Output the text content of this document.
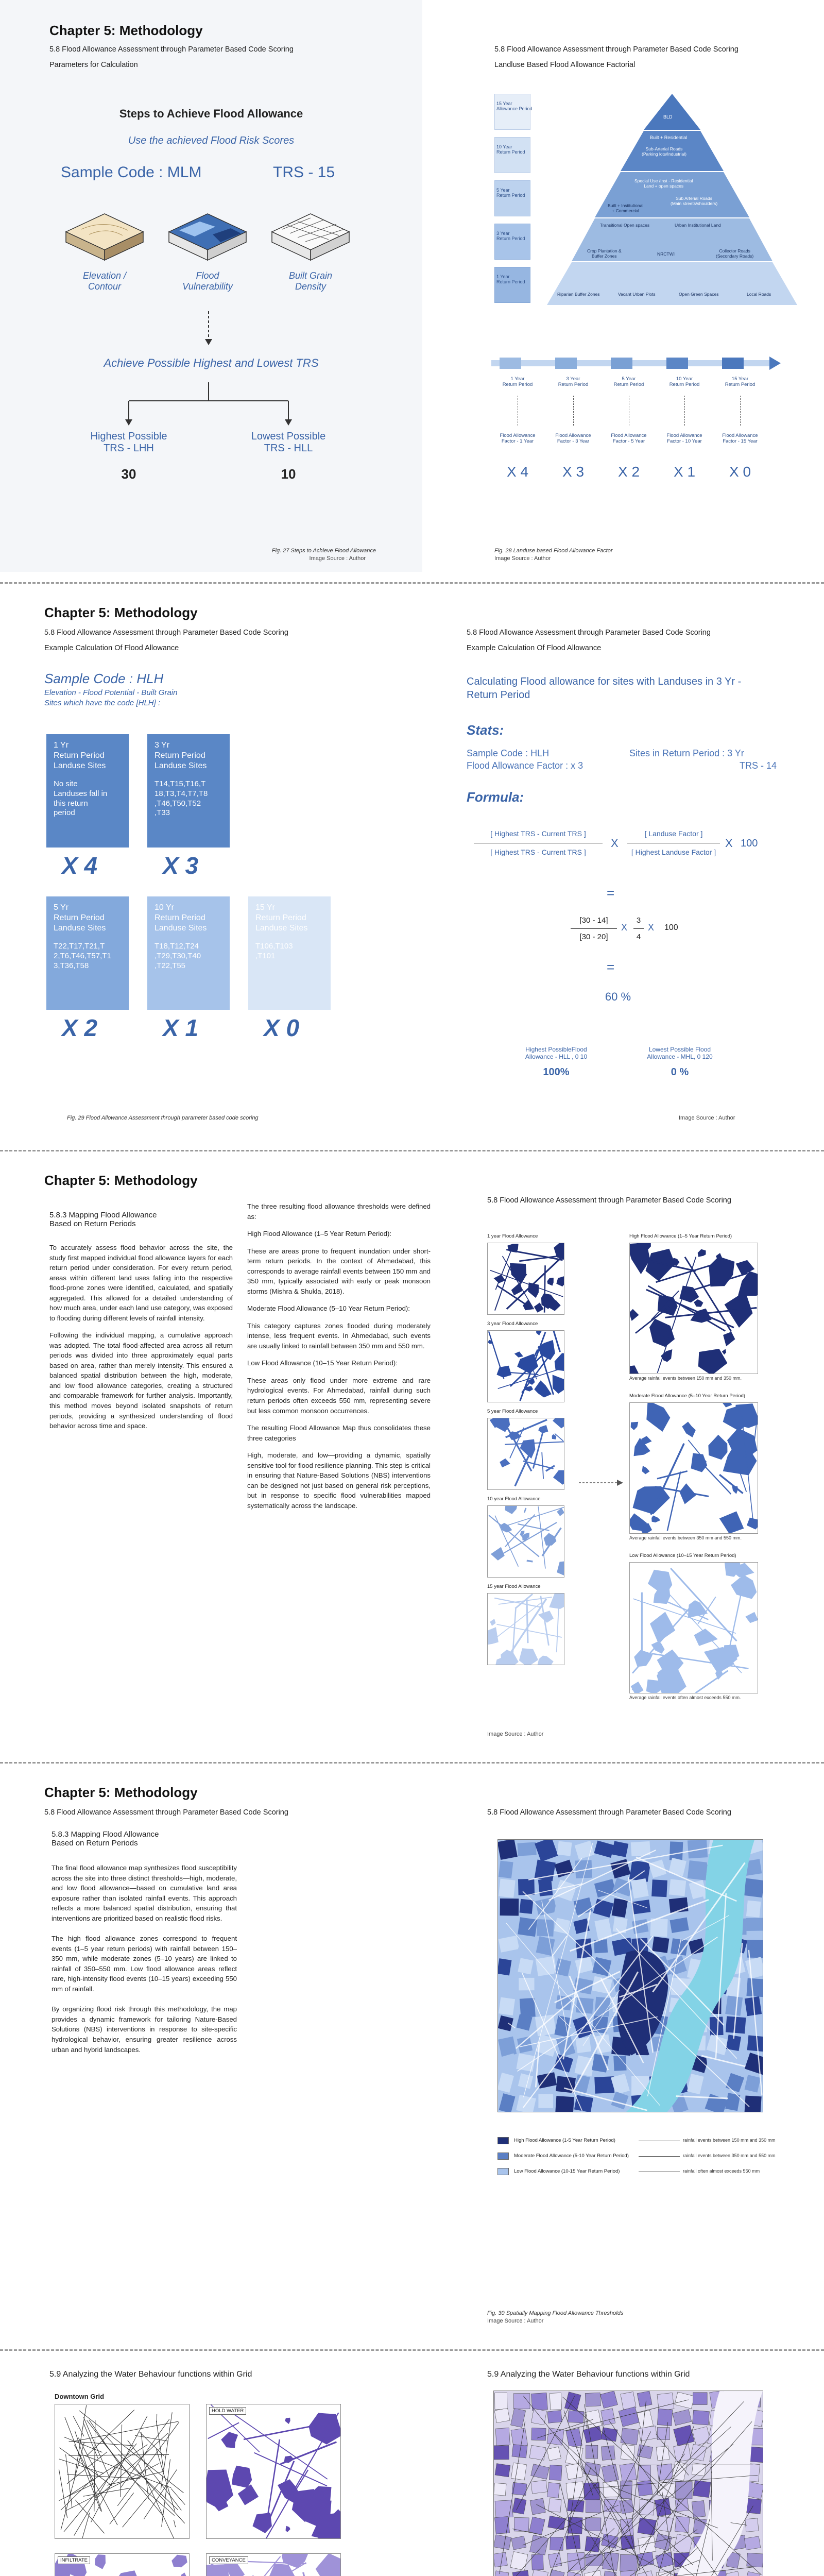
Chapter 5: Methodology
5.8 Flood Allowance Assessment through Parameter Based Code Scoring
Parameters for Calculation
Steps to Achieve Flood Allowance
Use the achieved Flood Risk Scores
Sample Code : MLM	TRS - 15
Elevation /
Contour
Flood
Vulnerability
Built Grain
Density
Achieve Possible Highest and Lowest TRS
Highest Possible
TRS - LHH
30
Lowest Possible
TRS - HLL
10
Fig. 27 Steps to Achieve Flood Allowance
Image Source : Author
5.8 Flood Allowance Assessment through Parameter Based Code Scoring
Landluse Based Flood Allowance Factorial
15 Year
Allowance Period
10 Year
Return Period
5 Year
Return Period
3 Year
Return Period
1 Year
Return Period
BLD
Built + Residential
Sub-Arterial Roads
(Parking lots/Industrial)
Special Use /Inst - Residential
Land + open spaces
Sub Arterial Roads
(Main streets/shoulders)
Built + Institutional
+ Commercial
Urban Institutional Land
Transitional Open spaces
Crop Plantation &
Buffer Zones	NRCTWI
Collector Roads
(Secondary Roads)
Riparian Buffer Zones	Vacant Urban Plots	Open Green Spaces	Local Roads
Fig. 28 Landuse based Flood Allowance Factor
Image Source : Author
1 Year
Return Period
Flood Allowance
Factor - 1 Year
X 4
3 Year
Return Period
Flood Allowance
Factor - 3 Year
X 3
5 Year
Return Period
Flood Allowance
Factor - 5 Year
X 2
10 Year
Return Period
Flood Allowance
Factor - 10 Year
X 1
15 Year
Return Period
Flood Allowance
Factor - 15 Year
X 0
Chapter 5: Methodology
5.8 Flood Allowance Assessment through Parameter Based Code Scoring
Example Calculation Of Flood Allowance
Sample Code : HLH
Elevation - Flood Potential - Built Grain
Sites which have the code [HLH] :
Fig. 29 Flood Allowance Assessment through parameter based code scoring
5.8 Flood Allowance Assessment through Parameter Based Code Scoring
Example Calculation Of Flood Allowance
Calculating Flood allowance for sites with Landuses in 3 Yr - Return Period
Stats:
Sample Code : HLH
Flood Allowance Factor : x 3
Sites in Return Period : 3 Yr
TRS - 14
Formula:
[ Highest TRS - Current TRS ]
[ Highest TRS - Current TRS ]
X
[ Landuse Factor ]
[ Highest Landuse Factor ]
X 100
=
[30 - 14]
[30 - 20]
X
3
4
X 100
=
60 %
Highest PossibleFlood
Allowance - HLL , 0 10
100%
Lowest Possible Flood
Allowance - MHL, 0 120
0 %
Image Source : Author
1 Yr
Return Period
Landuse Sites
No site
Landuses fall in
this return
period
X 4
3 Yr
Return Period
Landuse Sites
T14,T15,T16,T
18,T3,T4,T7,T8
,T46,T50,T52
,T33
X 3
5 Yr
Return Period
Landuse Sites
T22,T17,T21,T
2,T6,T46,T57,T1
3,T36,T58
X 2
10 Yr
Return Period
Landuse Sites
T18,T12,T24
,T29,T30,T40
,T22,T55
X 1
15 Yr
Return Period
Landuse Sites
T106,T103
,T101
X 0
Chapter 5: Methodology
5.8.3 Mapping Flood Allowance
Based on Return Periods

To accurately assess flood behavior across the site, the study first mapped individual flood allowance layers for each return period under consideration. For every return period, areas within different land uses falling into the respective flood-prone zones were identified, calculated, and spatially aggregated. This allowed for a detailed understanding of how much area, under each land use category, was exposed to flooding during different levels of rainfall intensity.

Following the individual mapping, a cumulative approach was adopted. The total flood-affected area across all return periods was divided into three approximately equal parts based on area, rather than merely intensity. This ensured a balanced spatial distribution between the high, moderate, and low flood allowance categories, creating a structured and comparable framework for further analysis. Importantly, this method moves beyond isolated snapshots of return periods, providing a synthesized understanding of flood behavior across time and space.

The three resulting flood allowance thresholds were defined as:

High Flood Allowance (1–5 Year Return Period):

These are areas prone to frequent inundation under short-term return periods. In the context of Ahmedabad, this corresponds to average rainfall events between 150 mm and 350 mm, typically associated with early or peak monsoon storms (Mishra & Shukla, 2018).

Moderate Flood Allowance (5–10 Year Return Period):

This category captures zones flooded during moderately intense, less frequent events. In Ahmedabad, such events are usually linked to rainfall between 350 mm and 550 mm.

Low Flood Allowance (10–15 Year Return Period):

These areas only flood under more extreme and rare hydrological events. For Ahmedabad, rainfall during such return periods often exceeds 550 mm, representing severe but less common monsoon occurrences.

The resulting Flood Allowance Map thus consolidates these three categories

High, moderate, and low—providing a dynamic, spatially sensitive tool for flood resilience planning. This step is critical in ensuring that Nature-Based Solutions (NBS) interventions can be designed not just based on general risk perceptions, but in response to specific flood vulnerabilities mapped systematically across the landscape.

5.8 Flood Allowance Assessment through Parameter Based Code Scoring
Image Source : Author
1 year Flood Allowance
3 year Flood Allowance
5 year Flood Allowance
10 year Flood Allowance
15 year Flood Allowance
High Flood Allowance (1–5 Year Return Period)
Average rainfall events between 150 mm and 350 mm.
Moderate Flood Allowance (5–10 Year Return Period)
Average rainfall events between 350 mm and 550 mm.
Low Flood Allowance (10–15 Year Return Period)
Average rainfall events often almost exceeds 550 mm.
Chapter 5: Methodology
5.8 Flood Allowance Assessment through Parameter Based Code Scoring
5.8.3 Mapping Flood Allowance
Based on Return Periods

The final flood allowance map synthesizes flood susceptibility across the site into three distinct thresholds—high, moderate, and low flood allowance—based on cumulative land area exposure rather than isolated rainfall events. This approach reflects a more balanced spatial distribution, ensuring that interventions are prioritized based on realistic flood risks.

The high flood allowance zones correspond to frequent events (1–5 year return periods) with rainfall between 150–350 mm, while moderate zones (5–10 years) are linked to rainfall of 350–550 mm. Low flood allowance areas reflect rare, high-intensity flood events (10–15 years) exceeding 550 mm of rainfall.

By organizing flood risk through this methodology, the map provides a dynamic framework for tailoring Nature-Based Solutions (NBS) interventions in response to site-specific hydrological behavior, ensuring greater resilience across urban and hybrid landscapes.

5.8 Flood Allowance Assessment through Parameter Based Code Scoring
Fig. 30 Spatially Mapping Flood Allowance Thresholds
Image Source : Author
High Flood Allowance (1-5 Year Return Period)	rainfall events between 150 mm and 350 mm
Moderate Flood Allowance (5-10 Year Return Period)	rainfall events between 350 mm and 550 mm
Low Flood Allowance (10-15 Year Return Period)	rainfall often almost exceeds 550 mm
5.9 Analyzing the Water Behaviour functions within Grid
Downtown Grid
5.9 Analyzing the Water Behaviour functions within Grid
HOLD WATER
INFILTRATE	CONVEYANCE
